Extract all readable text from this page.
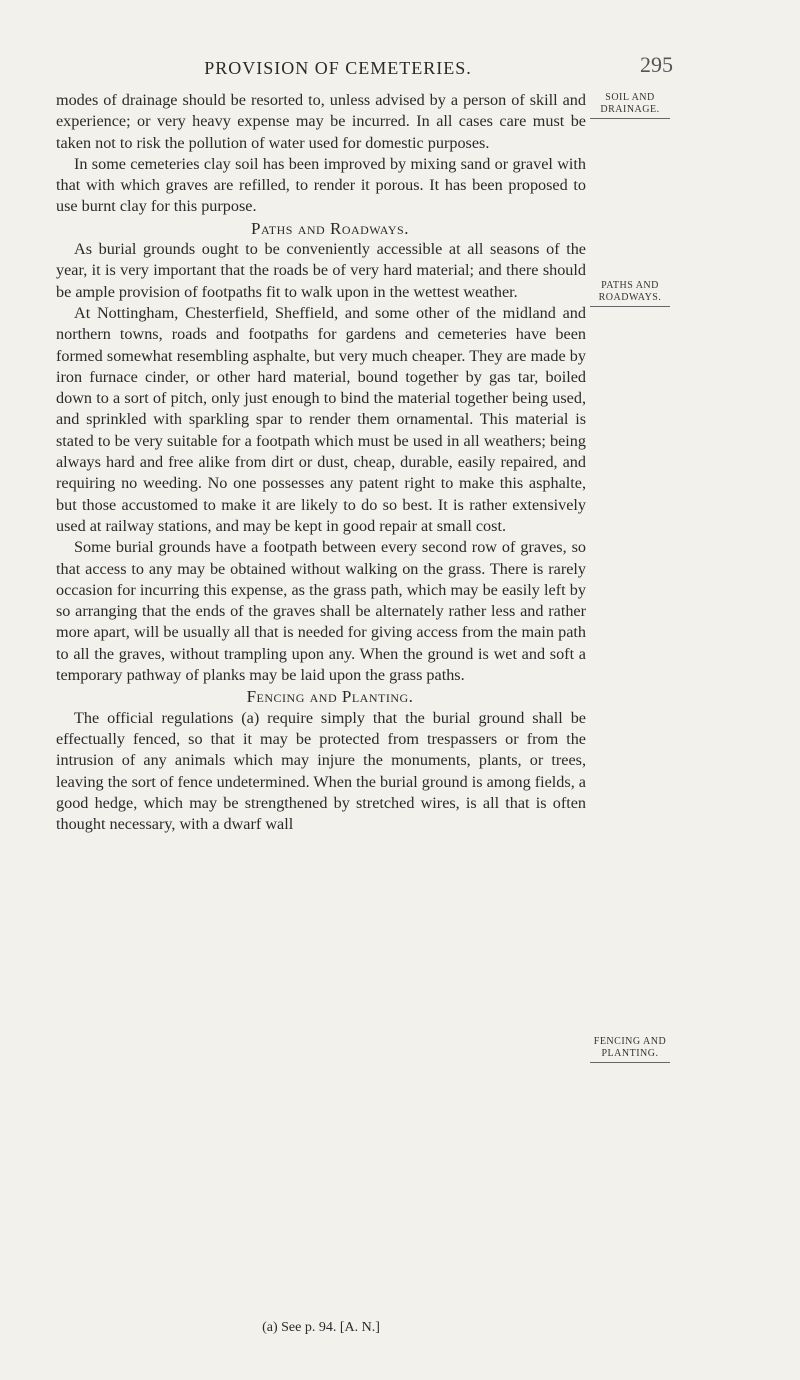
PROVISION OF CEMETERIES.	295
SOIL AND DRAINAGE.
PATHS AND ROADWAYS.
FENCING AND PLANTING.

modes of drainage should be resorted to, unless advised by a person of skill and experience; or very heavy expense may be incurred. In all cases care must be taken not to risk the pollution of water used for domestic purposes.

In some cemeteries clay soil has been improved by mixing sand or gravel with that with which graves are refilled, to render it porous. It has been proposed to use burnt clay for this purpose.

Paths and Roadways.

As burial grounds ought to be conveniently accessible at all seasons of the year, it is very important that the roads be of very hard material; and there should be ample provision of footpaths fit to walk upon in the wettest weather.

At Nottingham, Chesterfield, Sheffield, and some other of the midland and northern towns, roads and footpaths for gardens and cemeteries have been formed somewhat resembling asphalte, but very much cheaper. They are made by iron furnace cinder, or other hard material, bound together by gas tar, boiled down to a sort of pitch, only just enough to bind the material together being used, and sprinkled with sparkling spar to render them ornamental. This material is stated to be very suitable for a footpath which must be used in all weathers; being always hard and free alike from dirt or dust, cheap, durable, easily repaired, and requiring no weeding. No one possesses any patent right to make this asphalte, but those accustomed to make it are likely to do so best. It is rather extensively used at railway stations, and may be kept in good repair at small cost.

Some burial grounds have a footpath between every second row of graves, so that access to any may be obtained without walking on the grass. There is rarely occasion for incurring this expense, as the grass path, which may be easily left by so arranging that the ends of the graves shall be alternately rather less and rather more apart, will be usually all that is needed for giving access from the main path to all the graves, without trampling upon any. When the ground is wet and soft a temporary pathway of planks may be laid upon the grass paths.

Fencing and Planting.

The official regulations (a) require simply that the burial ground shall be effectually fenced, so that it may be protected from trespassers or from the intrusion of any animals which may injure the monuments, plants, or trees, leaving the sort of fence undetermined. When the burial ground is among fields, a good hedge, which may be strengthened by stretched wires, is all that is often thought necessary, with a dwarf wall

(a) See p. 94. [A. N.]
